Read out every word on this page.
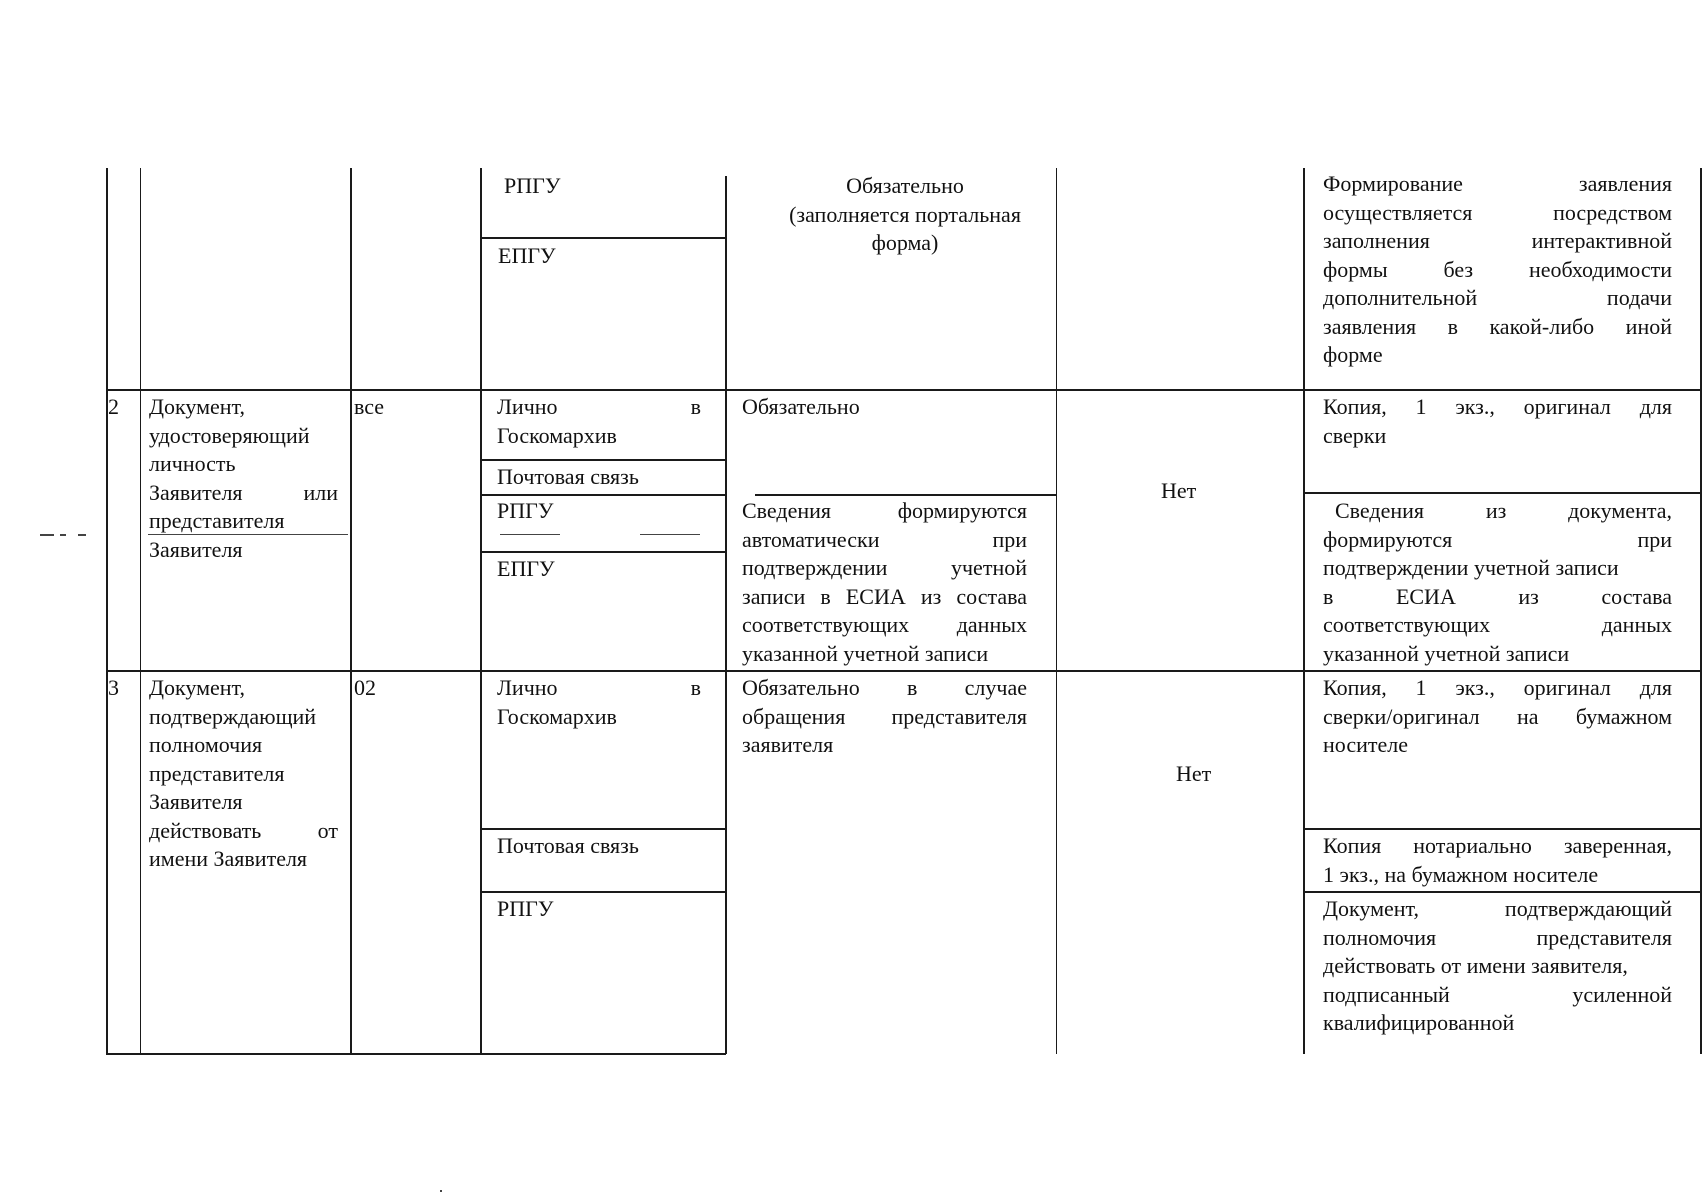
РПГУ
ЕПГУ
Обязательно
(заполняется портальная
форма)
Формирование заявления
осуществляется посредством
заполнения интерактивной
формы без необходимости
дополнительной подачи
заявления в какой-либо иной
форме
2 Документ,
удостоверяющий
личность
Заявителя или
представителя
Заявителя
все	Лично в
Госкомархив
Почтовая связь
РПГУ
ЕПГУ
Обязательно
Сведения формируются
автоматически при
подтверждении учетной
записи в ЕСИА из состава
соответствующих данных
указанной учетной записи
Нет
Копия, 1 экз., оригинал для
сверки
Сведения из документа,
формируются при
подтверждении учетной записи
в ЕСИА из состава
соответствующих данных
указанной учетной записи
3 Документ,
подтверждающий
полномочия
представителя
Заявителя
действовать от
имени Заявителя
02	Лично в
Госкомархив
Почтовая связь
РПГУ
Обязательно в случае
обращения представителя
заявителя
Нет
Копия, 1 экз., оригинал для
сверки/оригинал на бумажном
носителе
Копия нотариально заверенная,
1 экз., на бумажном носителе
Документ, подтверждающий
полномочия представителя
действовать от имени заявителя,
подписанный усиленной
квалифицированной
